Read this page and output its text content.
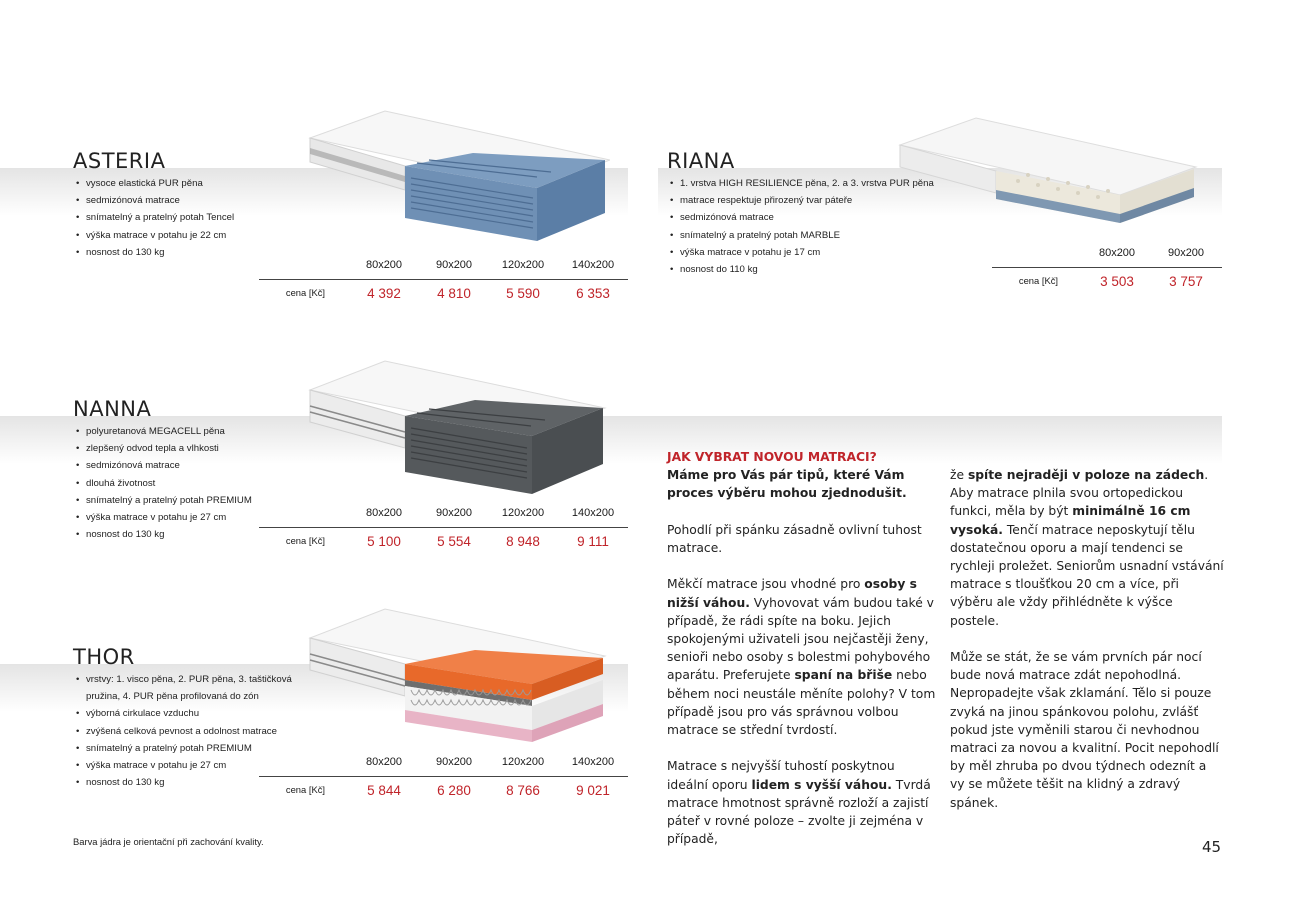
ASTERIA
• vysoce elastická PUR pěna
• sedmizónová matrace
• snímatelný a pratelný potah Tencel
• výška matrace v potahu je 22 cm
• nosnost do 130 kg
80x200	90x200	120x200	140x200
cena [Kč]	4 392	4 810	5 590	6 353
RIANA
• 1. vrstva HIGH RESILIENCE pěna, 2. a 3. vrstva PUR pěna
• matrace respektuje přirozený tvar páteře
• sedmizónová matrace
• snímatelný a pratelný potah MARBLE
• výška matrace v potahu je 17 cm
• nosnost do 110 kg
80x200	90x200
cena [Kč]	3 503	3 757
NANNA
• polyuretanová MEGACELL pěna
• zlepšený odvod tepla a vlhkosti
• sedmizónová matrace
• dlouhá životnost
• snímatelný a pratelný potah PREMIUM
• výška matrace v potahu je 27 cm
• nosnost do 130 kg
80x200	90x200	120x200	140x200
cena [Kč]	5 100	5 554	8 948	9 111
THOR
• vrstvy: 1. visco pěna, 2. PUR pěna, 3. taštičková pružina, 4. PUR pěna profilovaná do zón
• výborná cirkulace vzduchu
• zvýšená celková pevnost a odolnost matrace
• snímatelný a pratelný potah PREMIUM
• výška matrace v potahu je 27 cm
• nosnost do 130 kg
80x200	90x200	120x200	140x200
cena [Kč]	5 844	6 280	8 766	9 021
JAK VYBRAT NOVOU MATRACI?

Máme pro Vás pár tipů, které Vám proces výběru mohou zjednodušit.

Pohodlí při spánku zásadně ovlivní tuhost matrace.

Měkčí matrace jsou vhodné pro osoby s nižší váhou. Vyhovovat vám budou také v případě, že rádi spíte na boku. Jejich spokojenými uživateli jsou nejčastěji ženy, senioři nebo osoby s bolestmi pohybového aparátu. Preferujete spaní na břiše nebo během noci neustále měníte polohy? V tom případě jsou pro vás správnou volbou matrace se střední tvrdostí.

Matrace s nejvyšší tuhostí poskytnou ideální oporu lidem s vyšší váhou. Tvrdá matrace hmotnost správně rozloží a zajistí páteř v rovné poloze – zvolte ji zejména v případě,

že spíte nejraději v poloze na zádech. Aby matrace plnila svou ortopedickou funkci, měla by být minimálně 16 cm vysoká. Tenčí matrace neposkytují tělu dostatečnou oporu a mají tendenci se rychleji proležet. Seniorům usnadní vstávání matrace s tloušťkou 20 cm a více, při výběru ale vždy přihlédněte k výšce postele.

Může se stát, že se vám prvních pár nocí bude nová matrace zdát nepohodlná. Nepropadejte však zklamání. Tělo si pouze zvyká na jinou spánkovou polohu, zvlášť pokud jste vyměnili starou či nevhodnou matraci za novou a kvalitní. Pocit nepohodlí by měl zhruba po dvou týdnech odeznít a vy se můžete těšit na klidný a zdravý spánek.

Barva jádra je orientační při zachování kvality.	45
